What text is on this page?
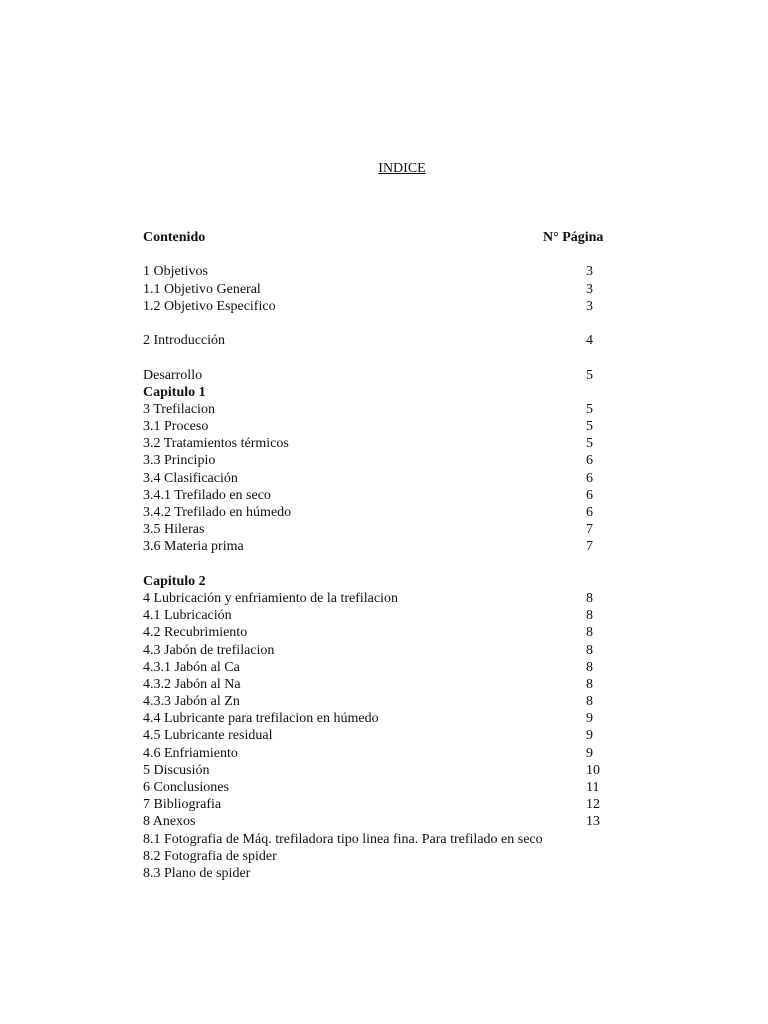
INDICE
Contenido	N° Página
1 Objetivos	3
1.1 Objetivo General	3
1.2 Objetivo Especifico	3
2 Introducción	4
Desarrollo	5
Capitulo 1
3 Trefilacion	5
3.1 Proceso	5
3.2 Tratamientos térmicos	5
3.3 Principio	6
3.4 Clasificación	6
3.4.1 Trefilado en seco	6
3.4.2 Trefilado en húmedo	6
3.5 Hileras	7
3.6 Materia prima	7
Capitulo 2
4 Lubricación y enfriamiento de la trefilacion	8
4.1 Lubricación	8
4.2 Recubrimiento	8
4.3 Jabón de trefilacion	8
4.3.1 Jabón al Ca	8
4.3.2 Jabón al Na	8
4.3.3 Jabón al Zn	8
4.4 Lubricante para trefilacion en húmedo	9
4.5 Lubricante residual	9
4.6 Enfriamiento	9
5 Discusión	10
6 Conclusiones	11
7 Bibliografia	12
8 Anexos	13
8.1 Fotografia de Máq. trefiladora tipo linea fina. Para trefilado en seco
8.2 Fotografia de spider
8.3 Plano de spider
